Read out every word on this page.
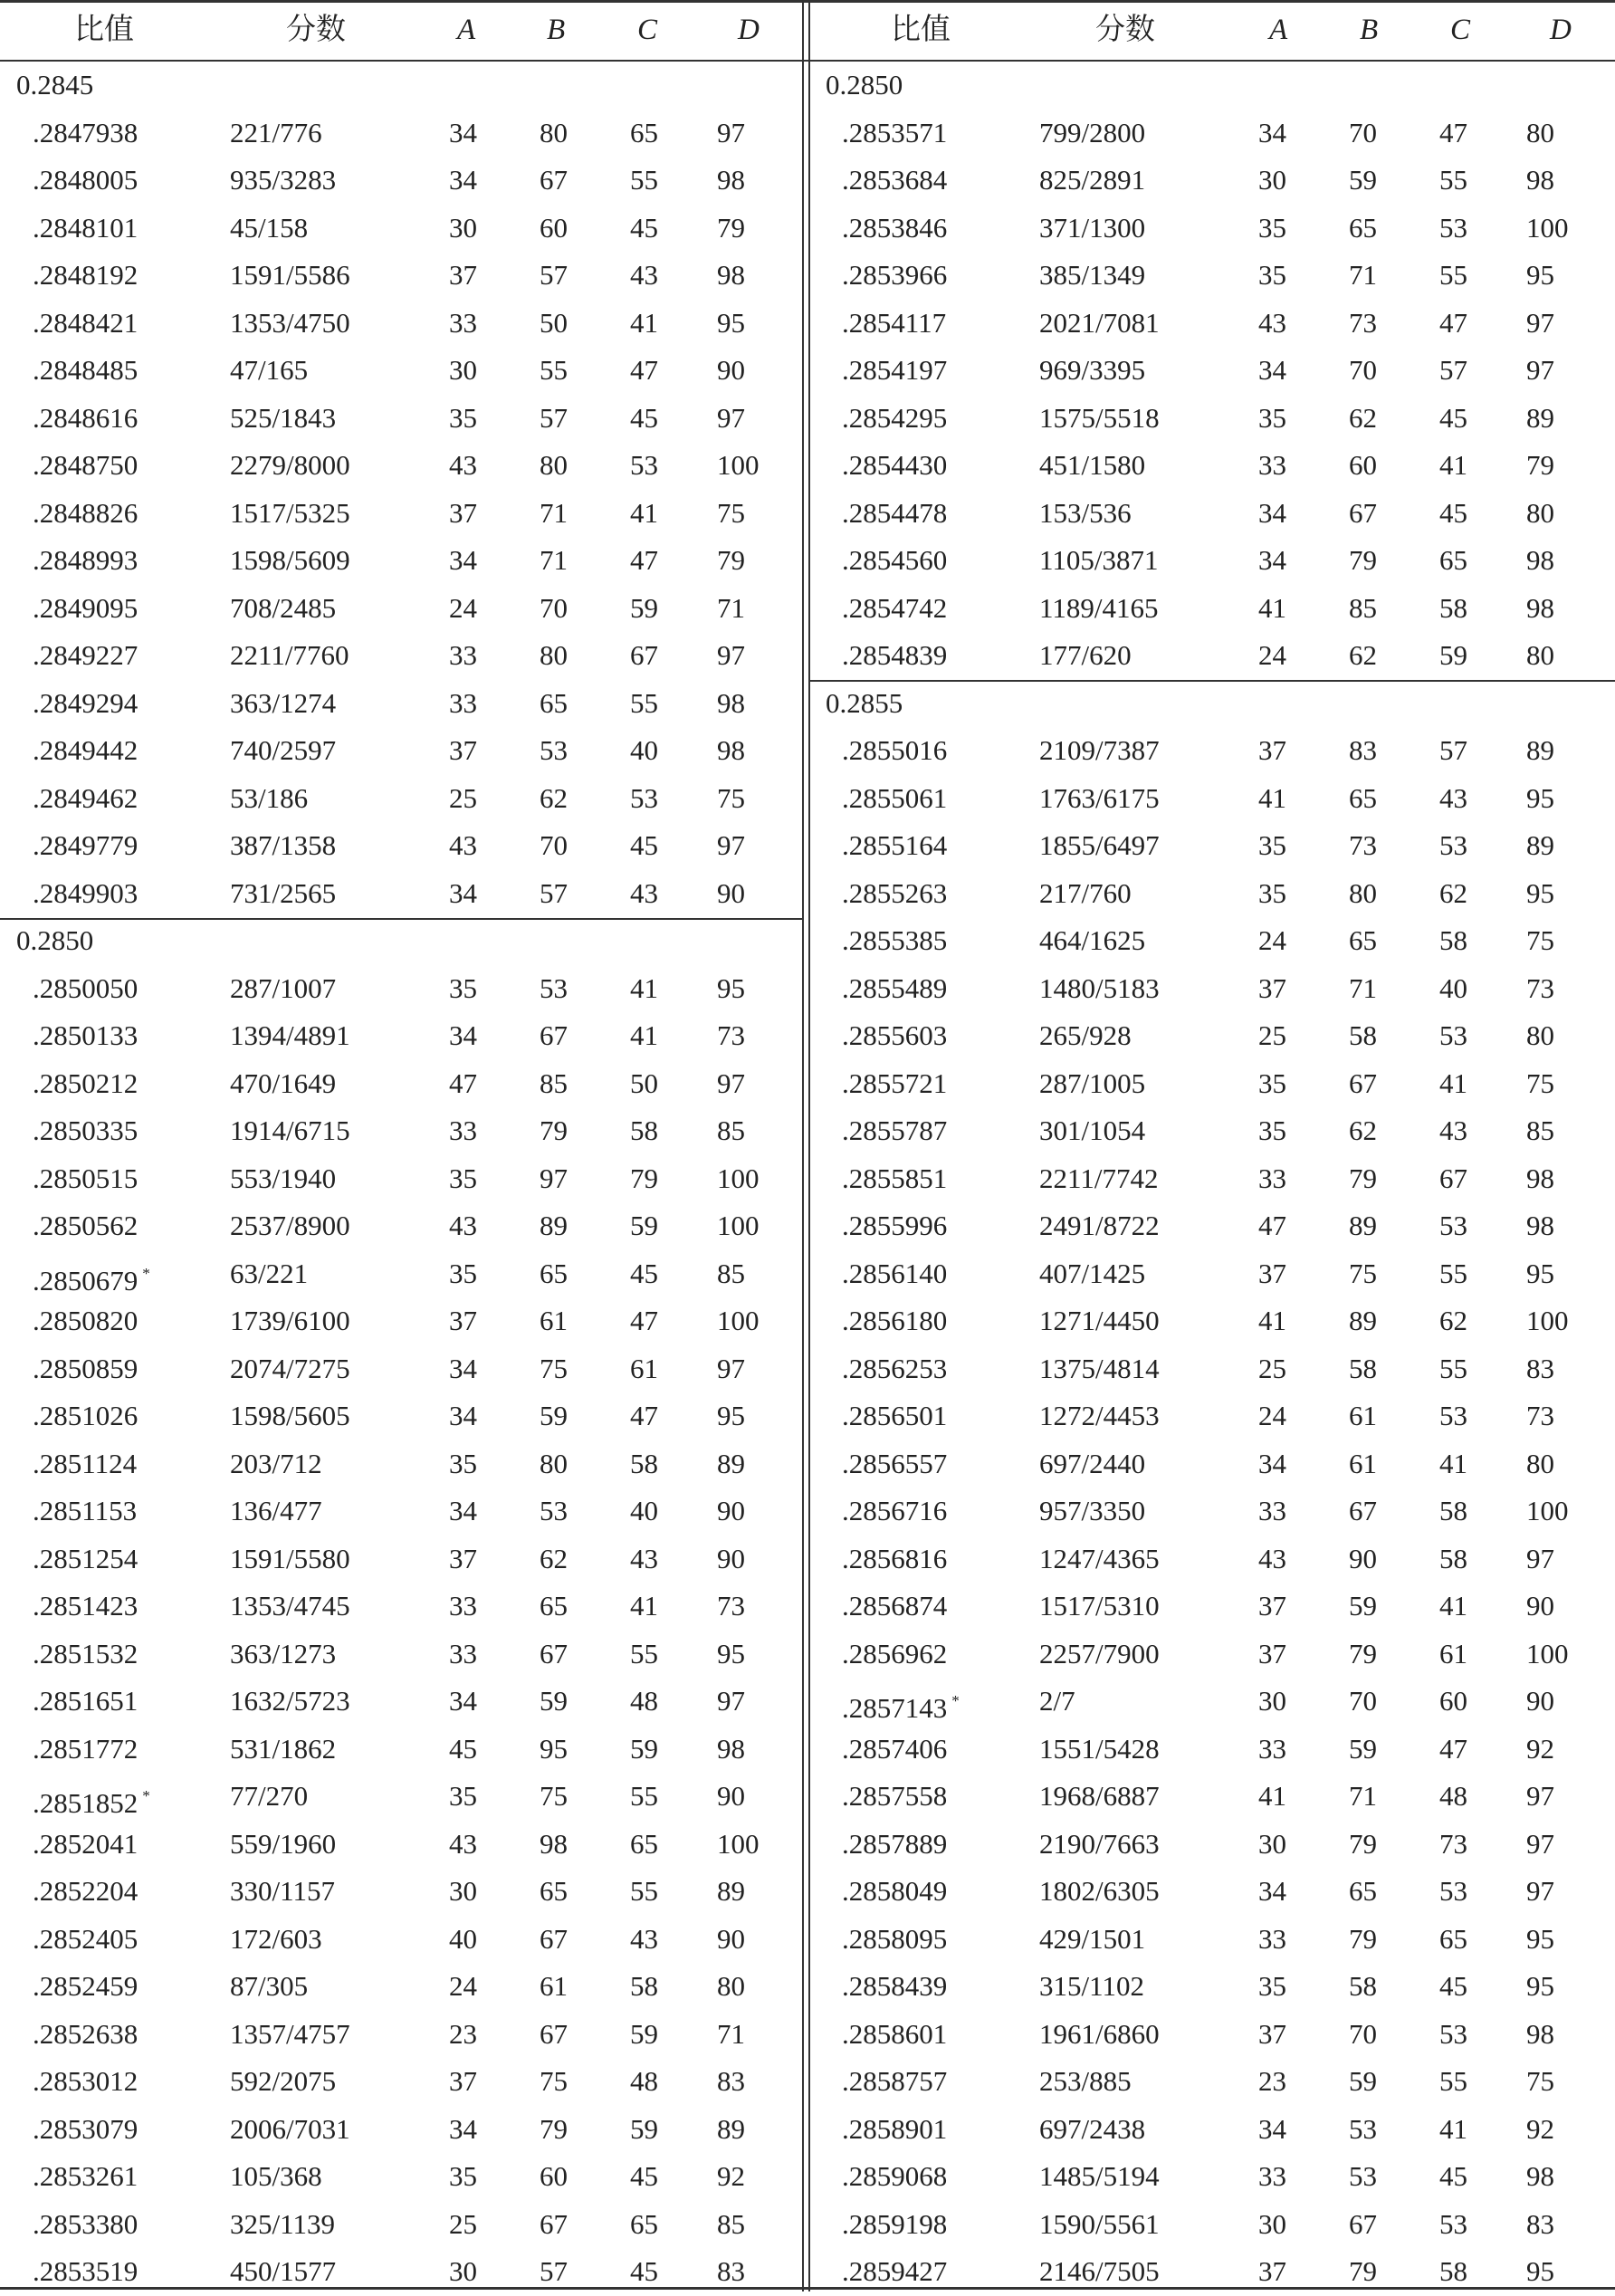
比值	分数	A B C	D
0.2845
.2847938	221/776	34 80 65 97
.2848005	935/3283	34 67 55 98
.2848101	45/158	30 60 45 79
.2848192	1591/5586	37 57 43 98
.2848421	1353/4750	33 50 41 95
.2848485	47/165	30 55 47 90
.2848616	525/1843	35 57 45 97
.2848750	2279/8000	43 80 53 100
.2848826	1517/5325	37 71 41 75
.2848993	1598/5609	34 71 47 79
.2849095	708/2485	24 70 59 71
.2849227	2211/7760	33 80 67 97
.2849294	363/1274	33 65 55 98
.2849442	740/2597	37 53 40 98
.2849462	53/186	25 62 53 75
.2849779	387/1358	43 70 45 97
.2849903	731/2565	34 57 43 90
0.2850
.2850050	287/1007	35 53 41 95
.2850133	1394/4891	34 67 41 73
.2850212	470/1649	47 85 50 97
.2850335	1914/6715	33 79 58 85
.2850515	553/1940	35 97 79 100
.2850562	2537/8900	43 89 59 100
.2850679 *	63/221	35 65 45 85
.2850820	1739/6100	37 61 47 100
.2850859	2074/7275	34 75 61 97
.2851026	1598/5605	34 59 47 95
.2851124	203/712	35 80 58 89
.2851153	136/477	34 53 40 90
.2851254	1591/5580	37 62 43 90
.2851423	1353/4745	33 65 41 73
.2851532	363/1273	33 67 55 95
.2851651	1632/5723	34 59 48 97
.2851772	531/1862	45 95 59 98
.2851852 *	77/270	35 75 55 90
.2852041	559/1960	43 98 65 100
.2852204	330/1157	30 65 55 89
.2852405	172/603	40 67 43 90
.2852459	87/305	24 61 58 80
.2852638	1357/4757	23 67 59 71
.2853012	592/2075	37 75 48 83
.2853079	2006/7031	34 79 59 89
.2853261	105/368	35 60 45 92
.2853380	325/1139	25 67 65 85
.2853519	450/1577	30 57 45 83
比值	分数	A B C	D
0.2850
.2853571	799/2800	34 70 47 80
.2853684	825/2891	30 59 55 98
.2853846	371/1300	35 65 53 100
.2853966	385/1349	35 71 55 95
.2854117	2021/7081	43 73 47 97
.2854197	969/3395	34 70 57 97
.2854295	1575/5518	35 62 45 89
.2854430	451/1580	33 60 41 79
.2854478	153/536	34 67 45 80
.2854560	1105/3871	34 79 65 98
.2854742	1189/4165	41 85 58 98
.2854839	177/620	24 62 59 80
0.2855
.2855016	2109/7387	37 83 57 89
.2855061	1763/6175	41 65 43 95
.2855164	1855/6497	35 73 53 89
.2855263	217/760	35 80 62 95
.2855385	464/1625	24 65 58 75
.2855489	1480/5183	37 71 40 73
.2855603	265/928	25 58 53 80
.2855721	287/1005	35 67 41 75
.2855787	301/1054	35 62 43 85
.2855851	2211/7742	33 79 67 98
.2855996	2491/8722	47 89 53 98
.2856140	407/1425	37 75 55 95
.2856180	1271/4450	41 89 62 100
.2856253	1375/4814	25 58 55 83
.2856501	1272/4453	24 61 53 73
.2856557	697/2440	34 61 41 80
.2856716	957/3350	33 67 58 100
.2856816	1247/4365	43 90 58 97
.2856874	1517/5310	37 59 41 90
.2856962	2257/7900	37 79 61 100
.2857143 *	2/7	30 70 60 90
.2857406	1551/5428	33 59 47 92
.2857558	1968/6887	41 71 48 97
.2857889	2190/7663	30 79 73 97
.2858049	1802/6305	34 65 53 97
.2858095	429/1501	33 79 65 95
.2858439	315/1102	35 58 45 95
.2858601	1961/6860	37 70 53 98
.2858757	253/885	23 59 55 75
.2858901	697/2438	34 53 41 92
.2859068	1485/5194	33 53 45 98
.2859198	1590/5561	30 67 53 83
.2859427	2146/7505	37 79 58 95
